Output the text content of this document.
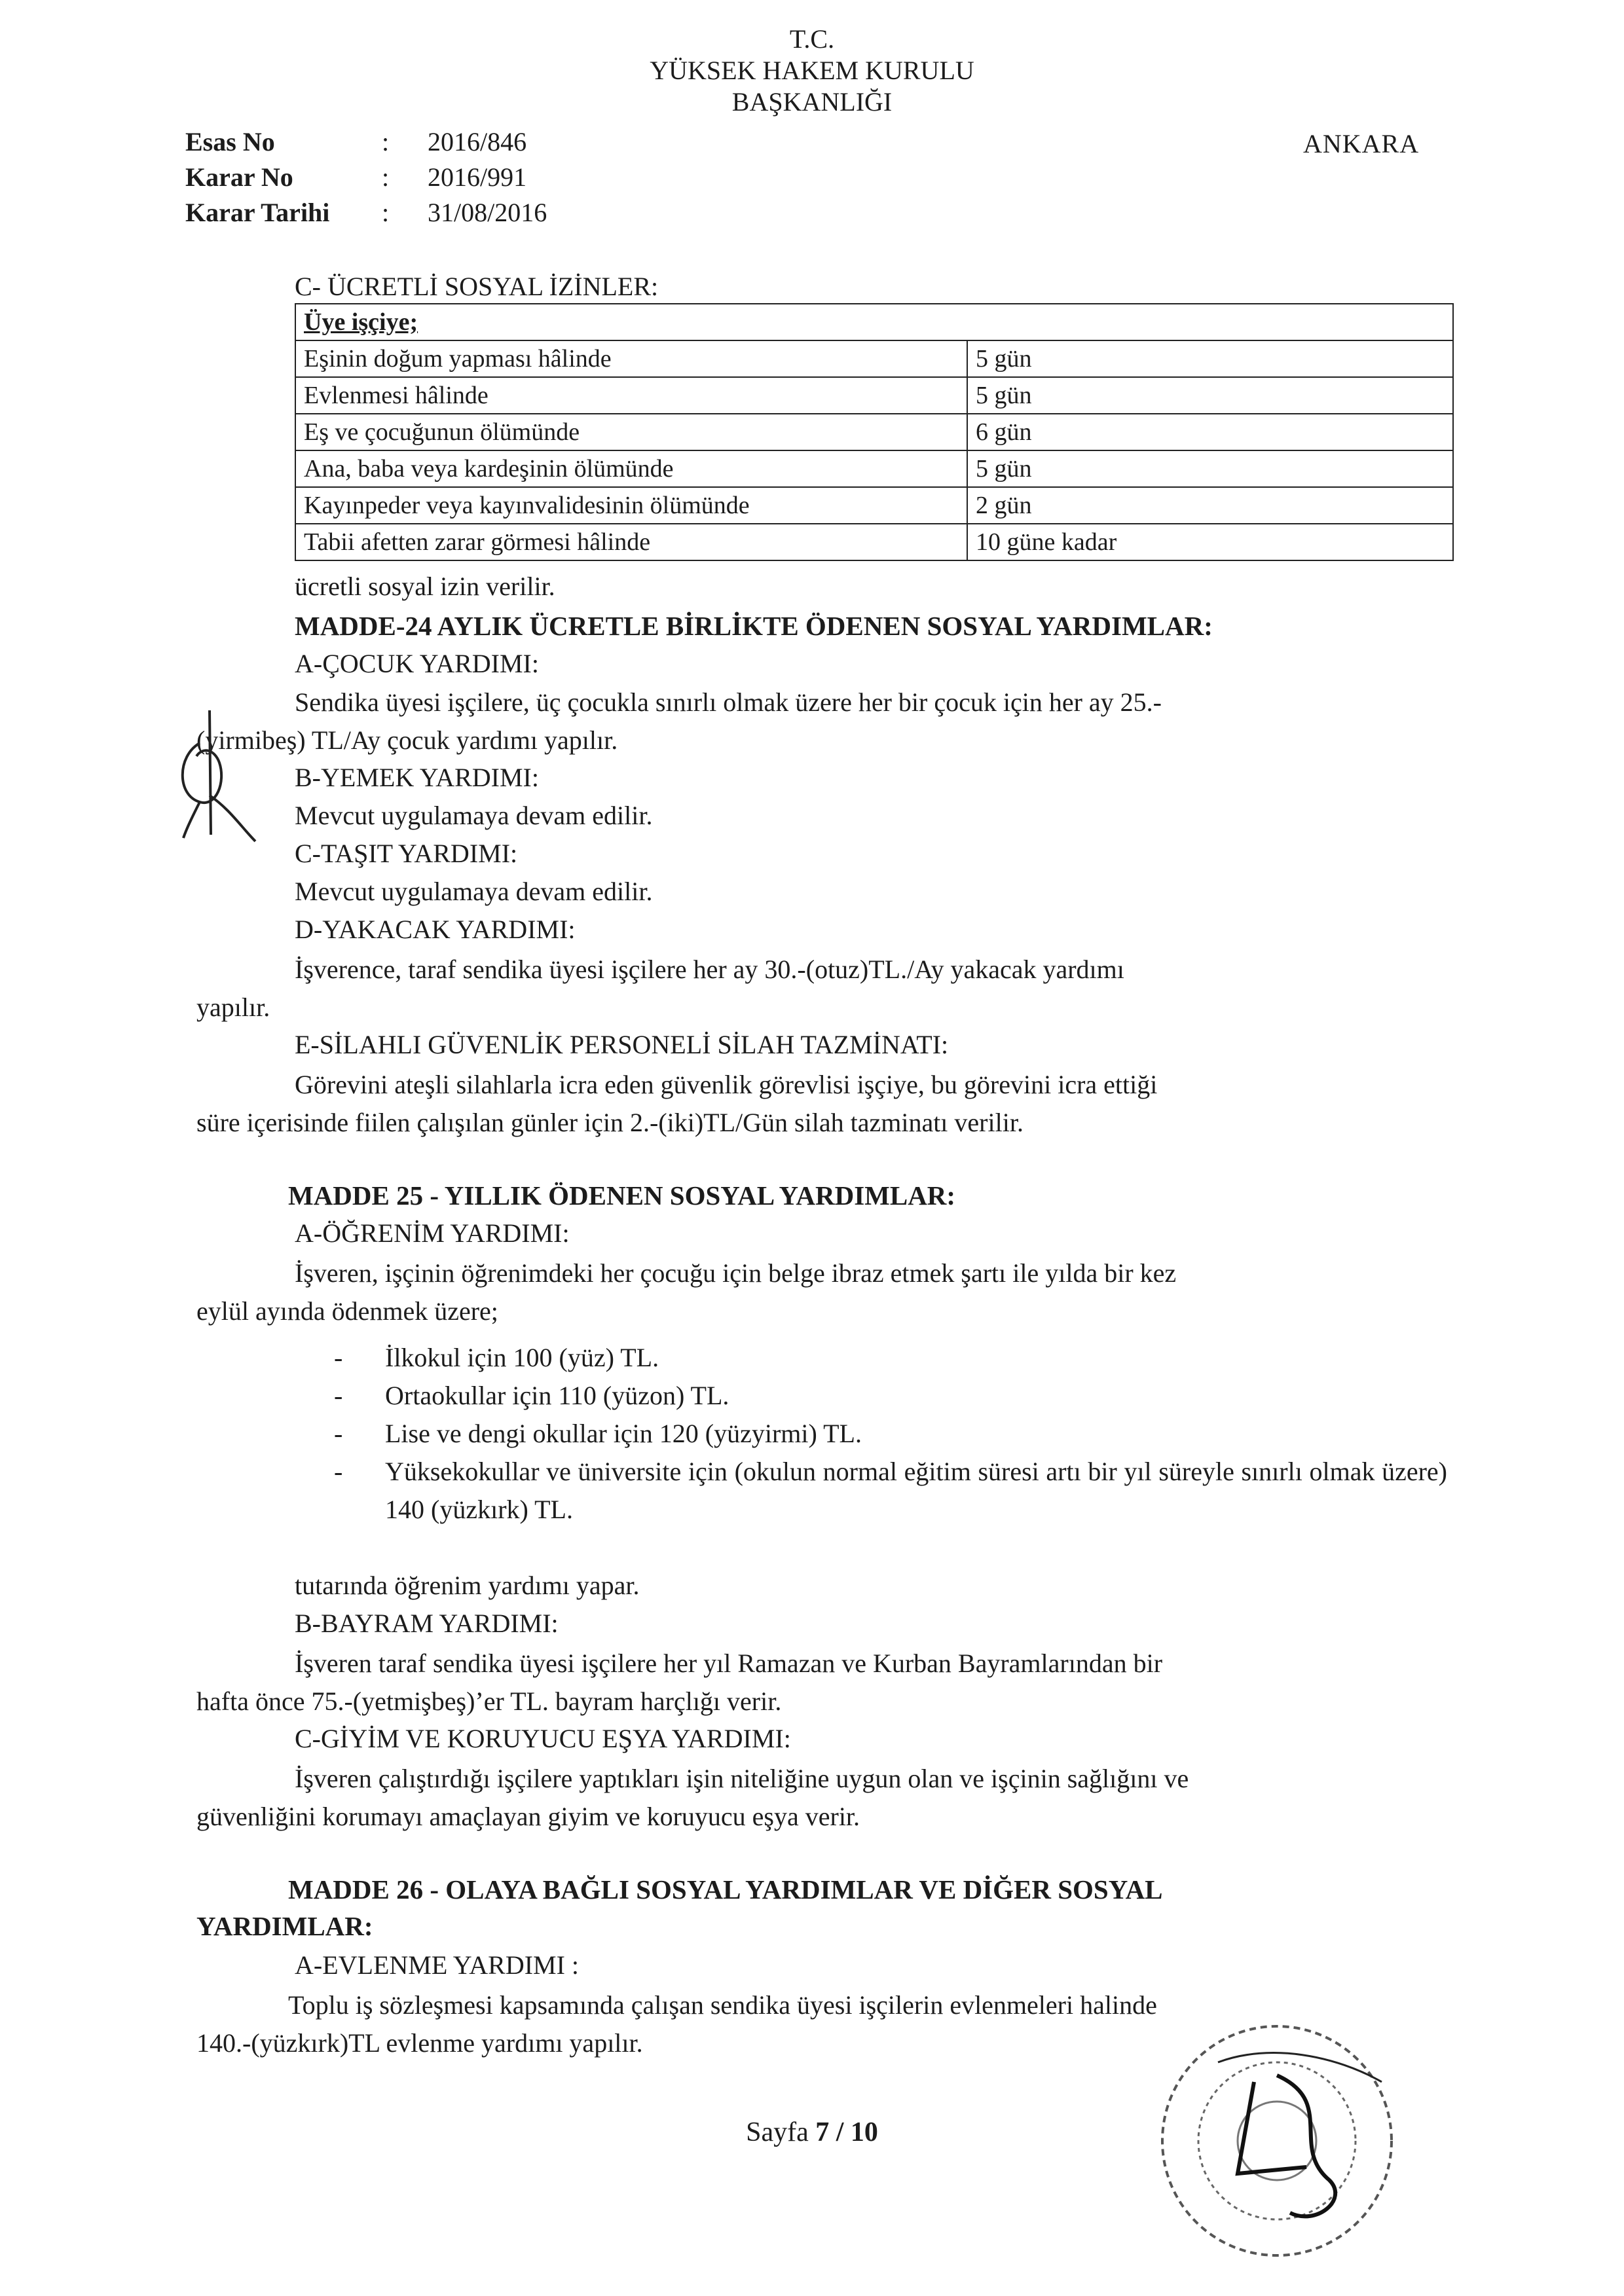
T.C.
YÜKSEK HAKEM KURULU
BAŞKANLIĞI
ANKARA
Esas No	: 2016/846
Karar No	: 2016/991
Karar Tarihi : 31/08/2016
C- ÜCRETLİ SOSYAL İZİNLER:
Üye işçiye;	
Eşinin doğum yapması hâlinde	5 gün
Evlenmesi hâlinde	5 gün
Eş ve çocuğunun ölümünde	6 gün
Ana, baba veya kardeşinin ölümünde	5 gün
Kayınpeder veya kayınvalidesinin ölümünde	2 gün
Tabii afetten zarar görmesi hâlinde	10 güne kadar
ücretli sosyal izin verilir.
MADDE-24 AYLIK ÜCRETLE BİRLİKTE ÖDENEN SOSYAL YARDIMLAR:
A-ÇOCUK YARDIMI:
Sendika üyesi işçilere, üç çocukla sınırlı olmak üzere her bir çocuk için her ay 25.-
(yirmibeş) TL/Ay çocuk yardımı yapılır.
B-YEMEK YARDIMI:
Mevcut uygulamaya devam edilir.
C-TAŞIT YARDIMI:
Mevcut uygulamaya devam edilir.
D-YAKACAK YARDIMI:
İşverence, taraf sendika üyesi işçilere her ay 30.-(otuz)TL./Ay yakacak yardımı
yapılır.
E-SİLAHLI GÜVENLİK PERSONELİ SİLAH TAZMİNATI:
Görevini ateşli silahlarla icra eden güvenlik görevlisi işçiye, bu görevini icra ettiği
süre içerisinde fiilen çalışılan günler için 2.-(iki)TL/Gün silah tazminatı verilir.
MADDE 25 - YILLIK ÖDENEN SOSYAL YARDIMLAR:
A-ÖĞRENİM YARDIMI:
İşveren, işçinin öğrenimdeki her çocuğu için belge ibraz etmek şartı ile yılda bir kez
eylül ayında ödenmek üzere;
- İlkokul için 100 (yüz) TL.
- Ortaokullar için 110 (yüzon) TL.
- Lise ve dengi okullar için 120 (yüzyirmi) TL.
- Yüksekokullar ve üniversite için (okulun normal eğitim süresi artı bir yıl süreyle sınırlı olmak üzere) 140 (yüzkırk) TL.
tutarında öğrenim yardımı yapar.
B-BAYRAM YARDIMI:
İşveren taraf sendika üyesi işçilere her yıl Ramazan ve Kurban Bayramlarından bir
hafta önce 75.-(yetmişbeş)’er TL. bayram harçlığı verir.
C-GİYİM VE KORUYUCU EŞYA YARDIMI:
İşveren çalıştırdığı işçilere yaptıkları işin niteliğine uygun olan ve işçinin sağlığını ve
güvenliğini korumayı amaçlayan giyim ve koruyucu eşya verir.
MADDE 26 - OLAYA BAĞLI SOSYAL YARDIMLAR VE DİĞER SOSYAL
YARDIMLAR:
A-EVLENME YARDIMI :
Toplu iş sözleşmesi kapsamında çalışan sendika üyesi işçilerin evlenmeleri halinde
140.-(yüzkırk)TL evlenme yardımı yapılır.
Sayfa 7 / 10
